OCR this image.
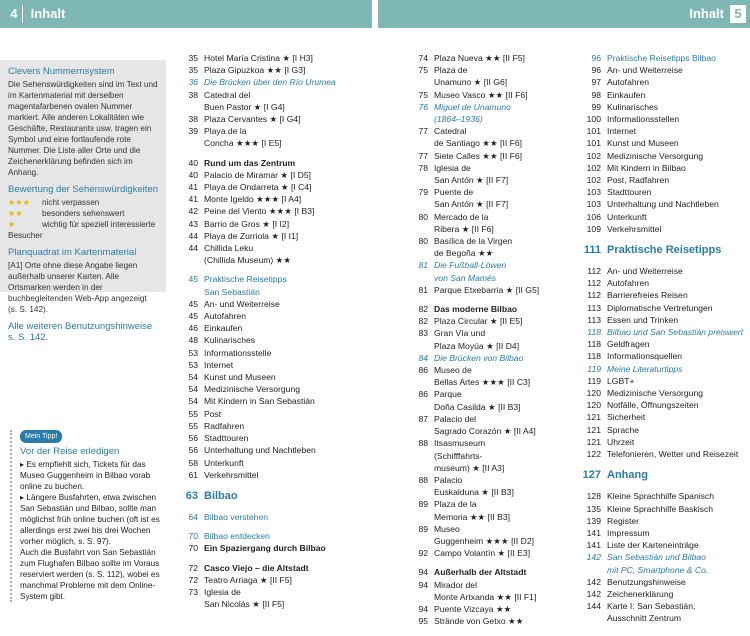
4 Inhalt	Inhalt 5
Clevers Nummernsystem

Die Sehenswürdigkeiten sind im Text und im Kartenmaterial mit derselben magentafarbenen ovalen Nummer markiert. Alle anderen Lokalitäten wie Geschäfte, Restaurants usw. tragen ein Symbol und eine fortlaufende rote Nummer. Die Liste aller Orte und die Zeichenerklärung befinden sich im Anhang.

Bewertung der Sehenswürdigkeiten

★★★ nicht verpassen

★★ besonders sehenswert

★	wichtig für speziell interessierte Besucher

Planquadrat im Kartenmaterial

[A1] Orte ohne diese Angabe liegen außerhalb unserer Karten. Alle Ortsmarken werden in der buchbegleitenden Web-App angezeigt (s. S. 142).

Alle weiteren Benutzungshinweise s. S. 142.
Mein Tipp!
Vor der Reise erledigen
▸ Es empfiehlt sich, Tickets für das Museo Guggenheim in Bilbao vorab online zu buchen.
▸ Längere Busfahrten, etwa zwischen San Sebastián und Bilbao, sollte man möglichst früh online buchen (oft ist es allerdings erst zwei bis drei Wochen vorher möglich, s. S. 97).
Auch die Busfahrt von San Sebastián zum Flughafen Bilbao sollte im Voraus reserviert werden (s. S. 112), wobei es manchmal Probleme mit dem Online-System gibt.
35 Hotel María Cristina ★ [I H3]
35 Plaza Gipuzkoa ★★ [I G3]
36 Die Brücken über den Río Urumea
38 Catedral del
Buen Pastor ★ [I G4]
38 Plaza Cervantes ★ [I G4]
39 Playa de la
Concha ★★★ [I E5]
40 Rund um das Zentrum
40 Palacio de Miramar ★ [I D5]
41 Playa de Ondarreta ★ [I C4]
41 Monte Igeldo ★★★ [I A4]
42 Peine del Viento ★★★ [I B3]
43 Barrio de Gros ★ [I I2]
44 Playa de Zurriola ★ [I I1]
44 Chillida Leku
(Chillida Museum) ★★
45 Praktische Reisetipps
San Sebastián
45 An- und Weiterreise
45 Autofahren
46 Einkaufen
48 Kulinarisches
53 Informationsstelle
53 Internet
54 Kunst und Museen
54 Medizinische Versorgung
54 Mit Kindern in San Sebastián
55 Post
55 Radfahren
56 Stadttouren
56 Unterhaltung und Nachtleben
58 Unterkunft
61 Verkehrsmittel
63 Bilbao
64 Bilbao verstehen
70 Bilbao entdecken
70 Ein Spaziergang durch Bilbao
72 Casco Viejo – die Altstadt
72 Teatro Arriaga ★ [II F5]
73 Iglesia de
San Nicolás ★ [II F5]
74 Plaza Nueva ★★ [II F5]
75 Plaza de
Unamuno ★ [II G6]
75 Museo Vasco ★★ [II F6]
76 Miguel de Unamuno
(1864–1936)
77 Catedral
de Santiago ★★ [II F6]
77 Siete Calles ★★ [II F6]
78 Iglesia de
San Antón ★ [II F7]
79 Puente de
San Antón ★ [II F7]
80 Mercado de la
Ribera ★ [II F6]
80 Basílica de la Virgen
de Begoña ★★
81 Die Fußball-Löwen
von San Mamés
81 Parque Etxebarria ★ [II G5]
82 Das moderne Bilbao
82 Plaza Circular ★ [II E5]
83 Gran Vía und
Plaza Moyúa ★ [II D4]
84 Die Brücken von Bilbao
86 Museo de
Bellas Artes ★★★ [II C3]
86 Parque
Doña Casilda ★ [II B3]
87 Palacio del
Sagrado Corazón ★ [II A4]
88 Itsasmuseum
(Schifffahrts-
museum) ★ [II A3]
88 Palacio
Euskalduna ★ [II B3]
89 Plaza de la
Memoria ★★ [II B3]
89 Museo
Guggenheim ★★★ [II D2]
92 Campo Volantín ★ [II E3]
94 Außerhalb der Altstadt
94 Mirador del
Monte Artxanda ★★ [II F1]
94 Puente Vizcaya ★★
95 Strände von Getxo ★★
96 Praktische Reisetipps Bilbao
96 An- und Weiterreise
97 Autofahren
98 Einkaufen
99 Kulinarisches
100 Informationsstellen
101 Internet
101 Kunst und Museen
102 Medizinische Versorgung
102 Mit Kindern in Bilbao
102 Post, Radfahren
103 Stadttouren
103 Unterhaltung und Nachtleben
106 Unterkunft
109 Verkehrsmittel
111 Praktische Reisetipps
112 An- und Weiterreise
112 Autofahren
112 Barrierefreies Reisen
113 Diplomatische Vertretungen
113 Essen und Trinken
118 Bilbao und San Sebastián preiswert
118 Geldfragen
118 Informationsquellen
119 Meine Literaturtipps
119 LGBT+
120 Medizinische Versorgung
120 Notfälle, Öffnungszeiten
121 Sicherheit
121 Sprache
121 Uhrzeit
122 Telefonieren, Wetter und Reisezeit
127 Anhang
128 Kleine Sprachhilfe Spanisch
135 Kleine Sprachhilfe Baskisch
139 Register
141 Impressum
141 Liste der Karteneinträge
142 San Sebastián und Bilbao
mit PC, Smartphone & Co.
142 Benutzungshinweise
142 Zeichenerklärung
144 Karte I: San Sebastián,
Ausschnitt Zentrum
